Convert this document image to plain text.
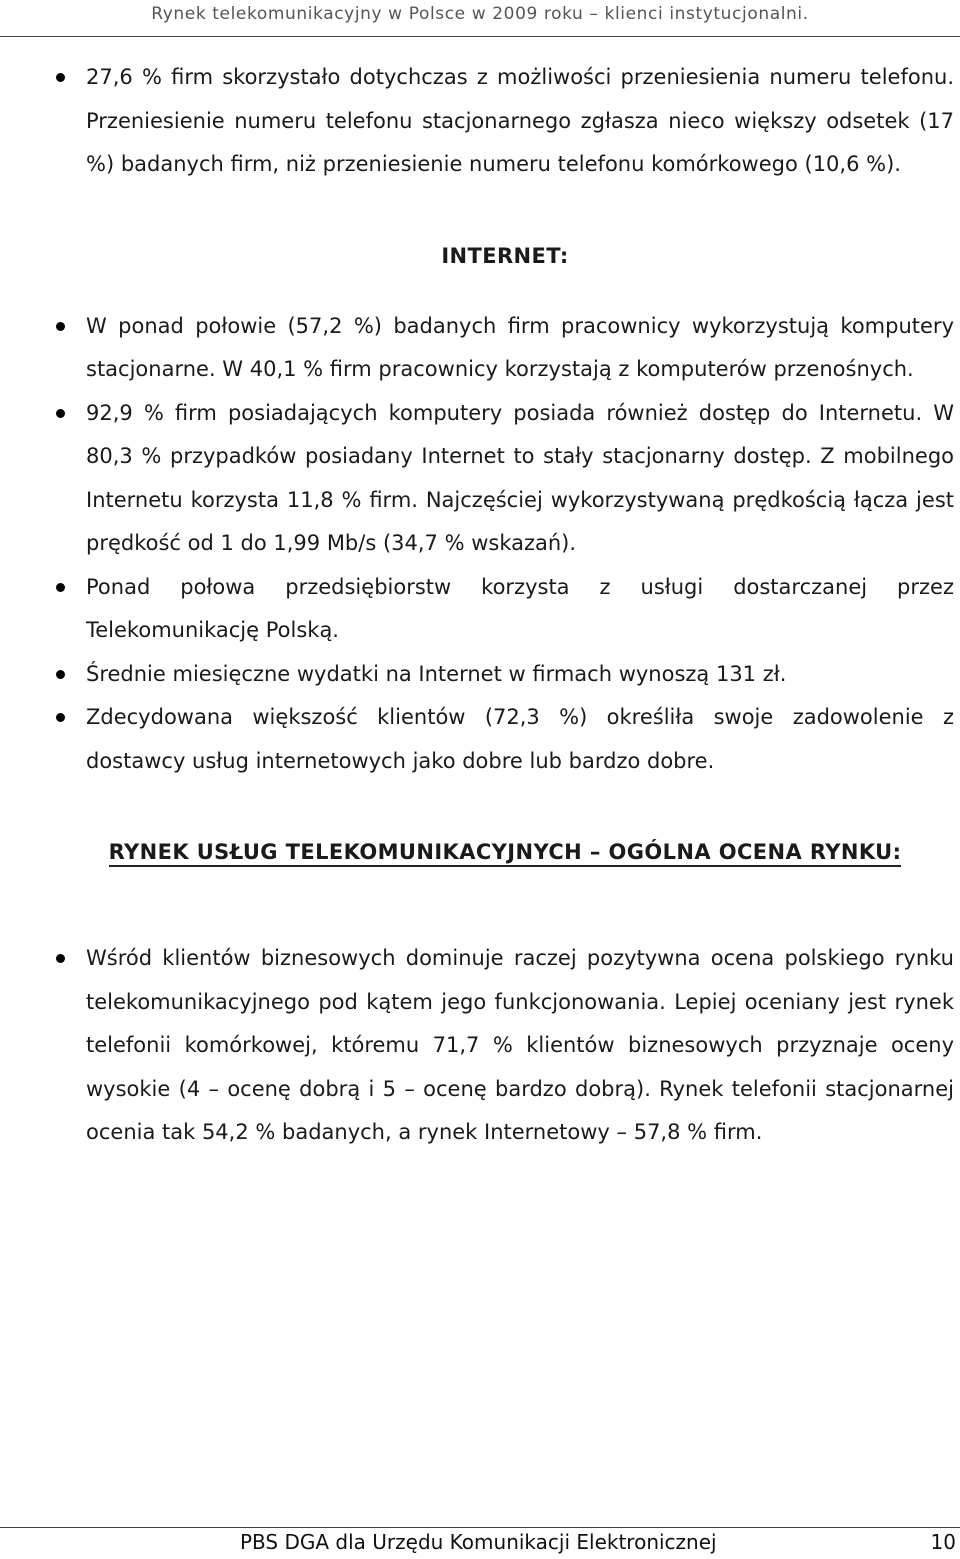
Rynek telekomunikacyjny w Polsce w 2009 roku – klienci instytucjonalni.
27,6 % firm skorzystało dotychczas z możliwości przeniesienia numeru telefonu. Przeniesienie numeru telefonu stacjonarnego zgłasza nieco większy odsetek (17 %) badanych firm, niż przeniesienie numeru telefonu komórkowego (10,6 %).
INTERNET:
W ponad połowie (57,2 %) badanych firm pracownicy wykorzystują komputery stacjonarne. W 40,1 % firm pracownicy korzystają z komputerów przenośnych.
92,9 % firm posiadających komputery posiada również dostęp do Internetu. W 80,3 % przypadków posiadany Internet to stały stacjonarny dostęp. Z mobilnego Internetu korzysta 11,8 % firm. Najczęściej wykorzystywaną prędkością łącza jest prędkość od 1 do 1,99 Mb/s (34,7 % wskazań).
Ponad połowa przedsiębiorstw korzysta z usługi dostarczanej przez Telekomunikację Polską.
Średnie miesięczne wydatki na Internet w firmach wynoszą 131 zł.
Zdecydowana większość klientów (72,3 %) określiła swoje zadowolenie z dostawcy usług internetowych jako dobre lub bardzo dobre.
RYNEK USŁUG TELEKOMUNIKACYJNYCH – OGÓLNA OCENA RYNKU:
Wśród klientów biznesowych dominuje raczej pozytywna ocena polskiego rynku telekomunikacyjnego pod kątem jego funkcjonowania. Lepiej oceniany jest rynek telefonii komórkowej, któremu 71,7 % klientów biznesowych przyznaje oceny wysokie (4 – ocenę dobrą i 5 – ocenę bardzo dobrą). Rynek telefonii stacjonarnej ocenia tak 54,2 % badanych, a rynek Internetowy – 57,8 % firm.
PBS DGA dla Urzędu Komunikacji Elektronicznej	10
